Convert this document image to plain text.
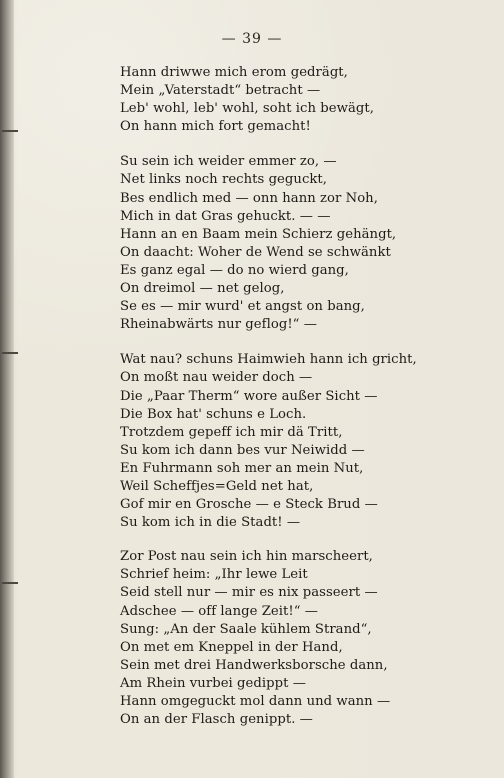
— 39 —
Hann driwwe mich erom gedrägt,
Mein „Vaterstadt“ betracht —
Leb' wohl, leb' wohl, soht ich bewägt,
On hann mich fort gemacht!
Su sein ich weider emmer zo, —
Net links noch rechts geguckt,
Bes endlich med — onn hann zor Noh,
Mich in dat Gras gehuckt. — —
Hann an en Baam mein Schierz gehängt,
On daacht: Woher de Wend se schwänkt
Es ganz egal — do no wierd gang,
On dreimol — net gelog,
Se es — mir wurd' et angst on bang,
Rheinabwärts nur geflog!“ —
Wat nau? schuns Haimwieh hann ich gricht,
On moßt nau weider doch —
Die „Paar Therm“ wore außer Sicht —
Die Box hat' schuns e Loch.
Trotzdem gepeff ich mir dä Tritt,
Su kom ich dann bes vur Neiwidd —
En Fuhrmann soh mer an mein Nut,
Weil Scheffjes=Geld net hat,
Gof mir en Grosche — e Steck Brud —
Su kom ich in die Stadt! —
Zor Post nau sein ich hin marscheert,
Schrief heim: „Ihr lewe Leit
Seid stell nur — mir es nix passeert —
Adschee — off lange Zeit!“ —
Sung: „An der Saale kühlem Strand“,
On met em Kneppel in der Hand,
Sein met drei Handwerksborsche dann,
Am Rhein vurbei gedippt —
Hann omgeguckt mol dann und wann —
On an der Flasch genippt. —
